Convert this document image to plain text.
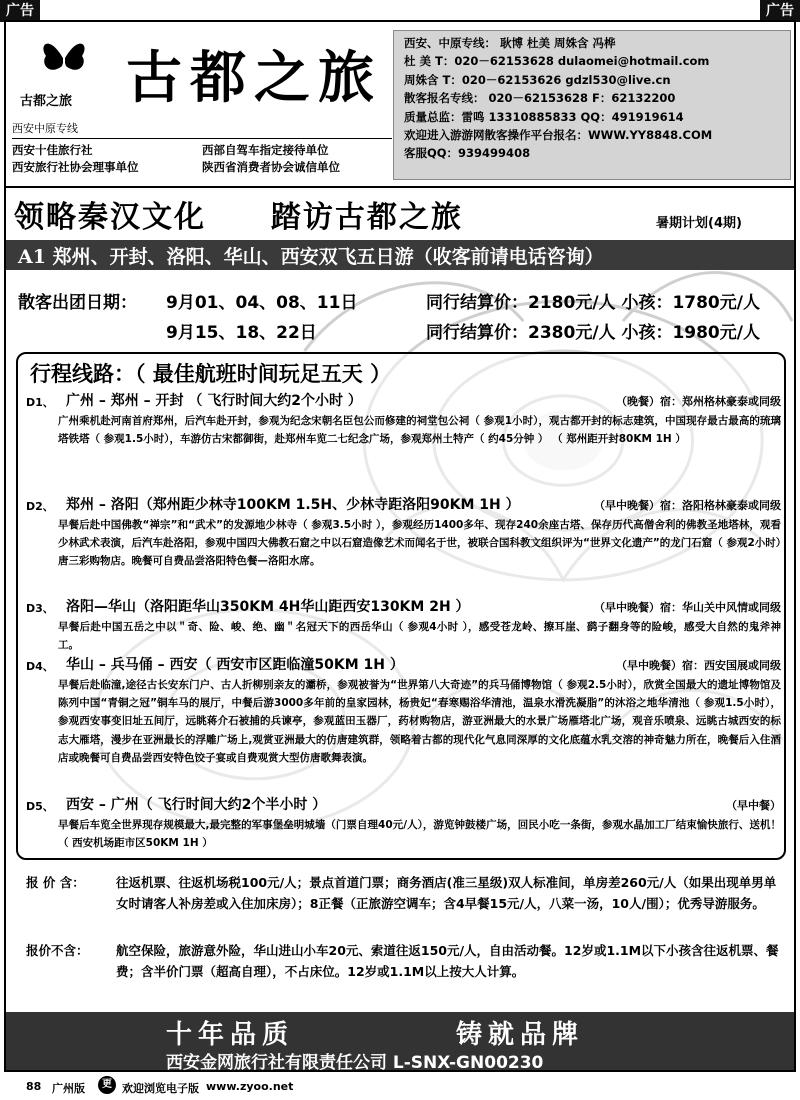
广告	广告
古都之旅 古都之旅
西安中原专线
西安十佳旅行社
西安旅行社协会理事单位
西部自驾车指定接待单位
陕西省消费者协会诚信单位
西安、中原专线： 耿博 杜美 周姝含 冯桦
杜 美 T：020－62153628 dulaomei@hotmail.com
周姝含 T：020－62153626 gdzl530@live.cn
散客报名专线： 020－62153628 F：62132200
质量总监：雷鸣 13310885833 QQ：491919614
欢迎进入游游网散客操作平台报名：WWW.YY8848.COM
客服QQ：939499408
领略秦汉文化 踏访古都之旅	暑期计划(4期)
A1 郑州、开封、洛阳、华山、西安双飞五日游（收客前请电话咨询）
散客出团日期： 9月01、04、08、11日	同行结算价：2180元/人 小孩：1780元/人
9月15、18、22日	同行结算价：2380元/人 小孩：1980元/人
行程线路：（ 最佳航班时间玩足五天 ）
D1、 广州 – 郑州 – 开封 （ 飞行时间大约2个小时 ）	（晚餐）宿：郑州格林豪泰或同级
广州乘机赴河南首府郑州，后汽车赴开封，参观为纪念宋朝名臣包公而修建的祠堂包公祠（ 参观1小时），观古都开封的标志建筑，中国现存最古最高的琉璃塔铁塔（ 参观1.5小时），车游仿古宋都御街，赴郑州车览二七纪念广场，参观郑州土特产（ 约45分钟 ） （ 郑州距开封80KM 1H ）
D2、 郑州 – 洛阳（郑州距少林寺100KM 1.5H、少林寺距洛阳90KM 1H ）	（早中晚餐）宿：洛阳格林豪泰或同级
早餐后赴中国佛教“禅宗”和“武术”的发源地少林寺（ 参观3.5小时 ），参观经历1400多年、现存240余座古塔、保存历代高僧舍利的佛教圣地塔林，观看少林武术表演，后汽车赴洛阳，参观中国四大佛教石窟之中以石窟造像艺术而闻名于世，被联合国科教文组织评为“世界文化遗产”的龙门石窟（ 参观2小时）唐三彩购物店。晚餐可自费品尝洛阳特色餐—洛阳水席。
D3、 洛阳—华山（洛阳距华山350KM 4H华山距西安130KM 2H ）	（早中晚餐）宿：华山关中风情或同级
早餐后赴中国五岳之中以＂奇、险、峻、绝、幽＂名冠天下的西岳华山（ 参观4小时 ），感受苍龙岭、擦耳崖、鹞子翻身等的险峻，感受大自然的鬼斧神工。
D4、 华山 – 兵马俑 – 西安（ 西安市区距临潼50KM 1H ）	（早中晚餐）宿：西安国展或同级
早餐后赴临潼,途径古长安东门户、古人折柳别亲友的灞桥，参观被誉为“世界第八大奇迹”的兵马俑博物馆（ 参观2.5小时），欣赏全国最大的遗址博物馆及陈列中国“青铜之冠”铜车马的展厅，中餐后游3000多年前的皇家园林，杨贵妃“春寒赐浴华清池，温泉水滑洗凝脂”的沐浴之地华清池（ 参观1.5小时），参观西安事变旧址五间厅，远眺蒋介石被捕的兵谏亭，参观蓝田玉器厂，药材购物店，游亚洲最大的水景广场雁塔北广场，观音乐喷泉、远眺古城西安的标志大雁塔，漫步在亚洲最长的浮雕广场上,观赏亚洲最大的仿唐建筑群，领略着古都的现代化气息同深厚的文化底蕴水乳交溶的神奇魅力所在，晚餐后入住酒店或晚餐可自费品尝西安特色饺子宴或自费观赏大型仿唐歌舞表演。
D5、 西安 – 广州（ 飞行时间大约2个半小时 ）	（早中餐）
早餐后车览全世界现存规模最大,最完整的军事堡垒明城墙（门票自理40元/人），游览钟鼓楼广场，回民小吃一条街，参观水晶加工厂结束愉快旅行、送机！ （ 西安机场距市区50KM 1H ）
报 价 含：	往返机票、往返机场税100元/人；景点首道门票；商务酒店(准三星级)双人标准间，单房差260元/人（如果出现单男单女时请客人补房差或入住加床房）；8正餐（正旅游空调车；含4早餐15元/人，八菜一汤，10人/围）；优秀导游服务。
报价不含： 航空保险，旅游意外险，华山进山小车20元、索道往返150元/人，自由活动餐。12岁或1.1M以下小孩含往返机票、餐费；含半价门票（超高自理），不占床位。12岁或1.1M以上按大人计算。
十年品质	铸就品牌
西安金网旅行社有限责任公司 L-SNX-GN00230
88 广州版	更 欢迎浏览电子版 www.zyoo.net
